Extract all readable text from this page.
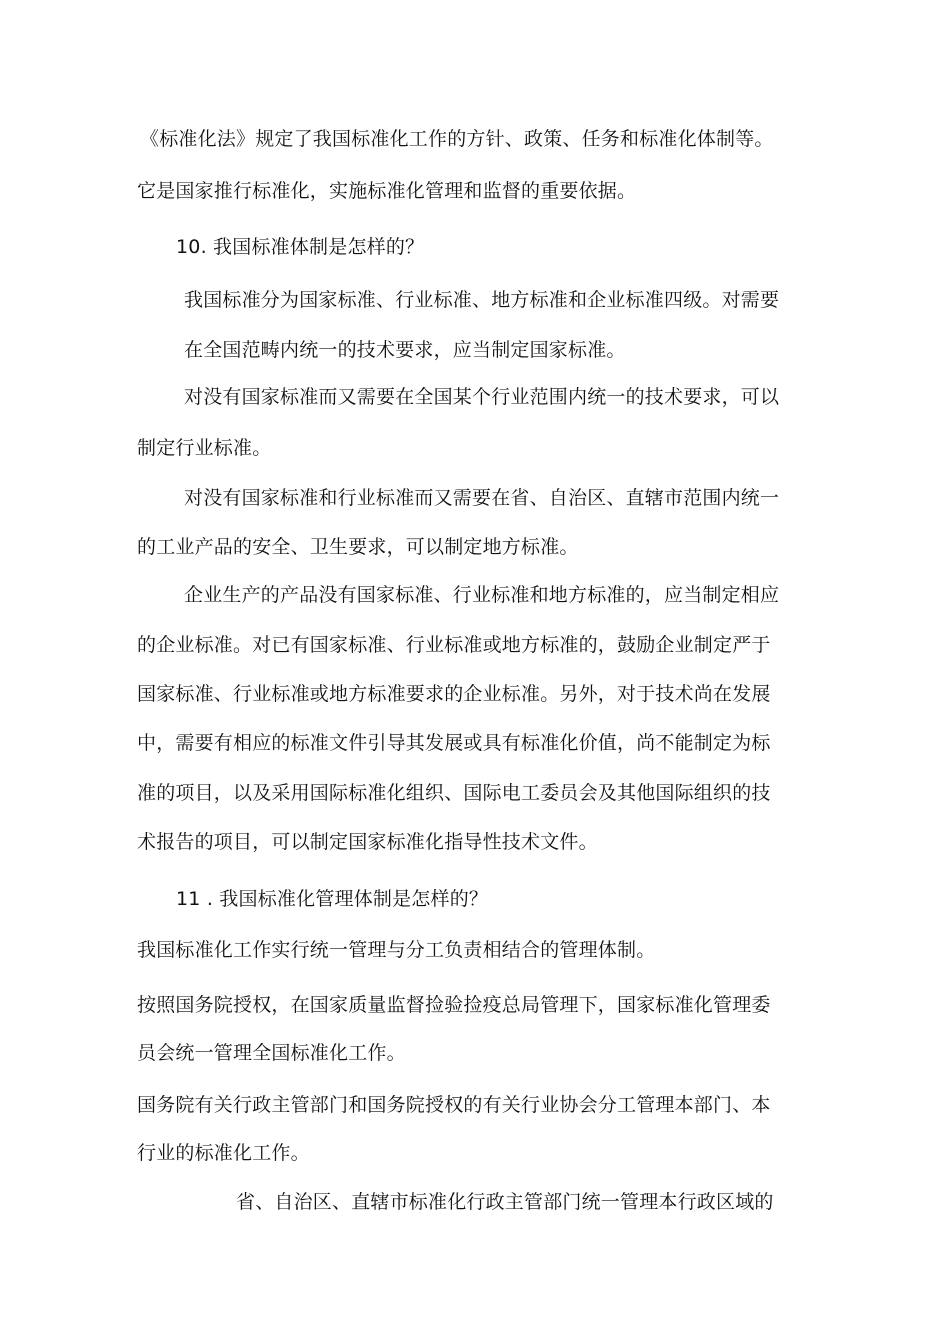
《标准化法》规定了我国标准化工作的方针、政策、任务和标准化体制等。
它是国家推行标准化，实施标准化管理和监督的重要依据。
10. 我国标准体制是怎样的？
我国标准分为国家标准、行业标准、地方标准和企业标准四级。对需要
在全国范畴内统一的技术要求，应当制定国家标准。
对没有国家标准而又需要在全国某个行业范围内统一的技术要求，可以
制定行业标准。
对没有国家标准和行业标准而又需要在省、自治区、直辖市范围内统一
的工业产品的安全、卫生要求，可以制定地方标准。
企业生产的产品没有国家标准、行业标准和地方标准的，应当制定相应
的企业标准。对已有国家标准、行业标准或地方标准的，鼓励企业制定严于
国家标准、行业标准或地方标准要求的企业标准。另外，对于技术尚在发展
中，需要有相应的标准文件引导其发展或具有标准化价值，尚不能制定为标
准的项目，以及采用国际标准化组织、国际电工委员会及其他国际组织的技
术报告的项目，可以制定国家标准化指导性技术文件。
11 . 我国标准化管理体制是怎样的？
我国标准化工作实行统一管理与分工负责相结合的管理体制。
按照国务院授权，在国家质量监督捡验捡疫总局管理下，国家标准化管理委
员会统一管理全国标准化工作。
国务院有关行政主管部门和国务院授权的有关行业协会分工管理本部门、本
行业的标准化工作。
省、自治区、直辖市标准化行政主管部门统一管理本行政区域的
